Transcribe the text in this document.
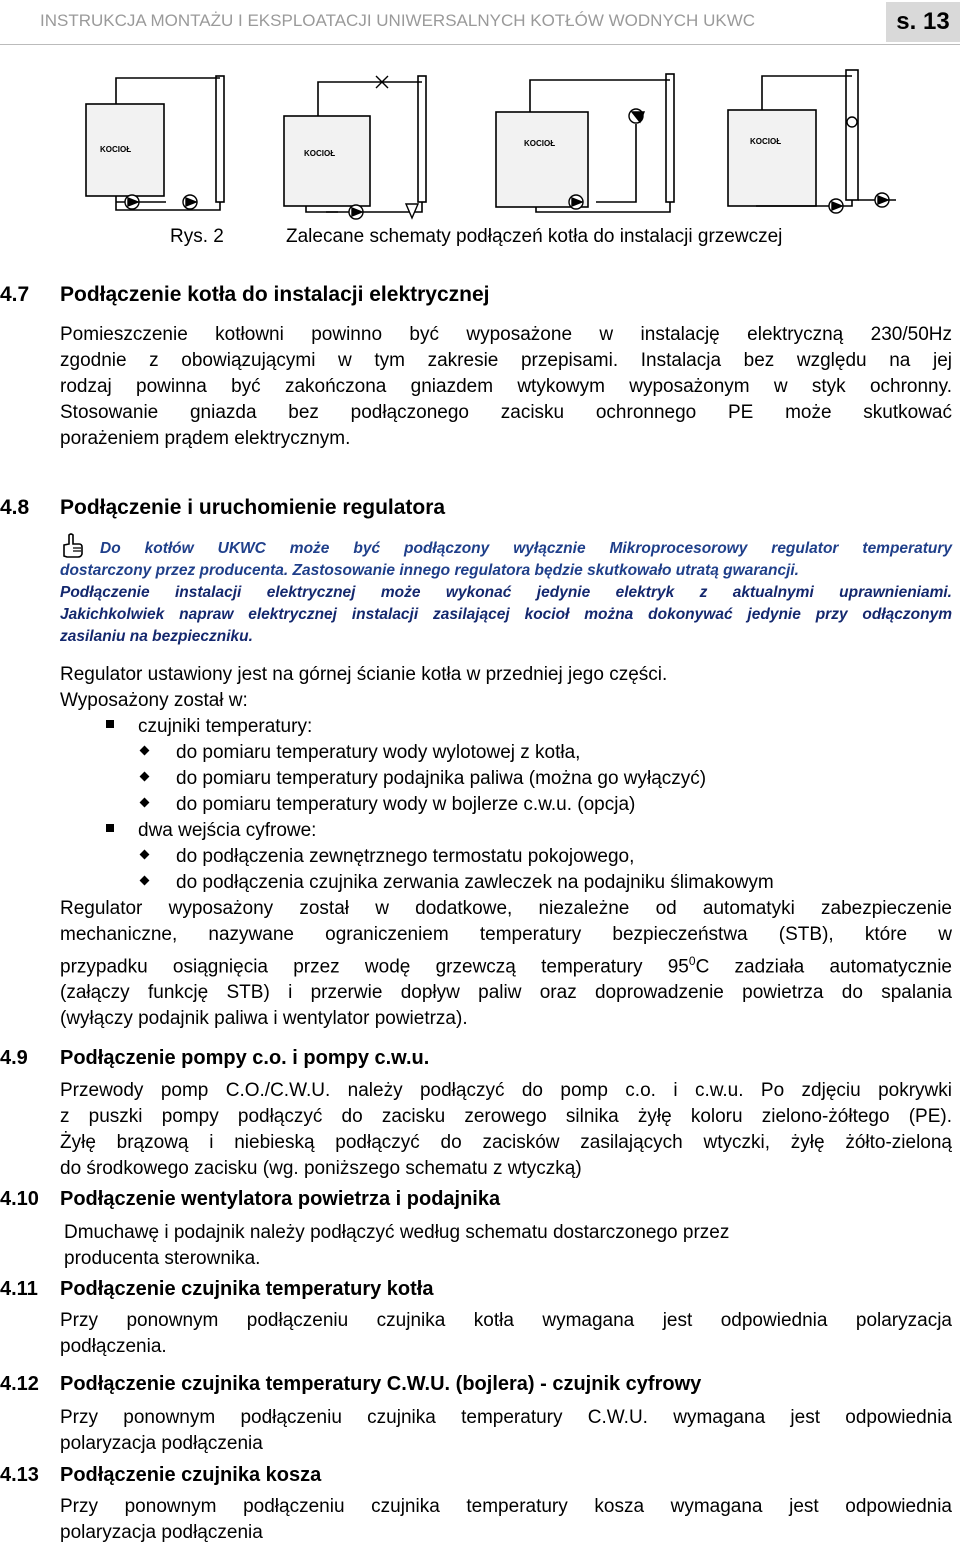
INSTRUKCJA MONTAŻU I EKSPLOATACJI UNIWERSALNYCH KOTŁÓW WODNYCH UKWC	s. 13
KOCIOŁ	KOCIOŁ
KOCIOŁ	KOCIOŁ
Rys. 2	Zalecane schematy podłączeń kotła do instalacji grzewczej
4.7 Podłączenie kotła do instalacji elektrycznej
Pomieszczenie kotłowni powinno być wyposażone w instalację elektryczną 230/50Hz
zgodnie z obowiązującymi w tym zakresie przepisami. Instalacja bez względu na jej
rodzaj powinna być zakończona gniazdem wtykowym wyposażonym w styk ochronny.
Stosowanie gniazda bez podłączonego zacisku ochronnego PE może skutkować
porażeniem prądem elektrycznym.
4.8 Podłączenie i uruchomienie regulatora
Do kotłów UKWC może być podłączony wyłącznie Mikroprocesorowy regulator temperatury
dostarczony przez producenta. Zastosowanie innego regulatora będzie skutkowało utratą gwarancji.
Podłączenie instalacji elektrycznej może wykonać jedynie elektryk z aktualnymi uprawnieniami.
Jakichkolwiek napraw elektrycznej instalacji zasilającej kocioł można dokonywać jedynie przy odłączonym
zasilaniu na bezpieczniku.
Regulator ustawiony jest na górnej ścianie kotła w przedniej jego części.
Wyposażony został w:
czujniki temperatury:
do pomiaru temperatury wody wylotowej z kotła,
do pomiaru temperatury podajnika paliwa (można go wyłączyć)
do pomiaru temperatury wody w bojlerze c.w.u. (opcja)
dwa wejścia cyfrowe:
do podłączenia zewnętrznego termostatu pokojowego,
do podłączenia czujnika zerwania zawleczek na podajniku ślimakowym
Regulator wyposażony został w dodatkowe, niezależne od automatyki zabezpieczenie
mechaniczne, nazywane ograniczeniem temperatury bezpieczeństwa (STB), które w
przypadku osiągnięcia przez wodę grzewczą temperatury $95^0C$ zadziała automatycznie
(załączy funkcję STB) i przerwie dopływ paliw oraz doprowadzenie powietrza do spalania
(wyłączy podajnik paliwa i wentylator powietrza).
4.9 Podłączenie pompy c.o. i pompy c.w.u.
Przewody pomp C.O./C.W.U. należy podłączyć do pomp c.o. i c.w.u. Po zdjęciu pokrywki
z puszki pompy podłączyć do zacisku zerowego silnika żyłę koloru zielono-żółtego (PE).
Żyłę brązową i niebieską podłączyć do zacisków zasilających wtyczki, żyłę żółto-zieloną
do środkowego zacisku (wg. poniższego schematu z wtyczką)
4.10 Podłączenie wentylatora powietrza i podajnika
Dmuchawę i podajnik należy podłączyć według schematu dostarczonego przez
producenta sterownika.
4.11 Podłączenie czujnika temperatury kotła
Przy ponownym podłączeniu czujnika kotła wymagana jest odpowiednia polaryzacja
podłączenia.
4.12 Podłączenie czujnika temperatury C.W.U. (bojlera) - czujnik cyfrowy
Przy ponownym podłączeniu czujnika temperatury C.W.U. wymagana jest odpowiednia
polaryzacja podłączenia
4.13 Podłączenie czujnika kosza
Przy ponownym podłączeniu czujnika temperatury kosza wymagana jest odpowiednia
polaryzacja podłączenia
